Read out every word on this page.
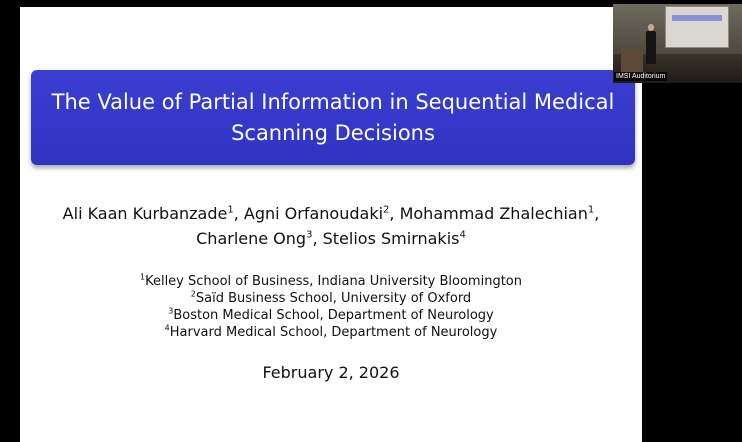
The Value of Partial Information in Sequential Medical
Scanning Decisions
Ali Kaan Kurbanzade$^1$, Agni Orfanoudaki$^2$, Mohammad Zhalechian$^1$,
Charlene Ong$^3$, Stelios Smirnakis$^4$
$^1$Kelley School of Business, Indiana University Bloomington
$^2$Saïd Business School, University of Oxford
$^3$Boston Medical School, Department of Neurology
$^4$Harvard Medical School, Department of Neurology
February 2, 2026
IMSI Auditorium
